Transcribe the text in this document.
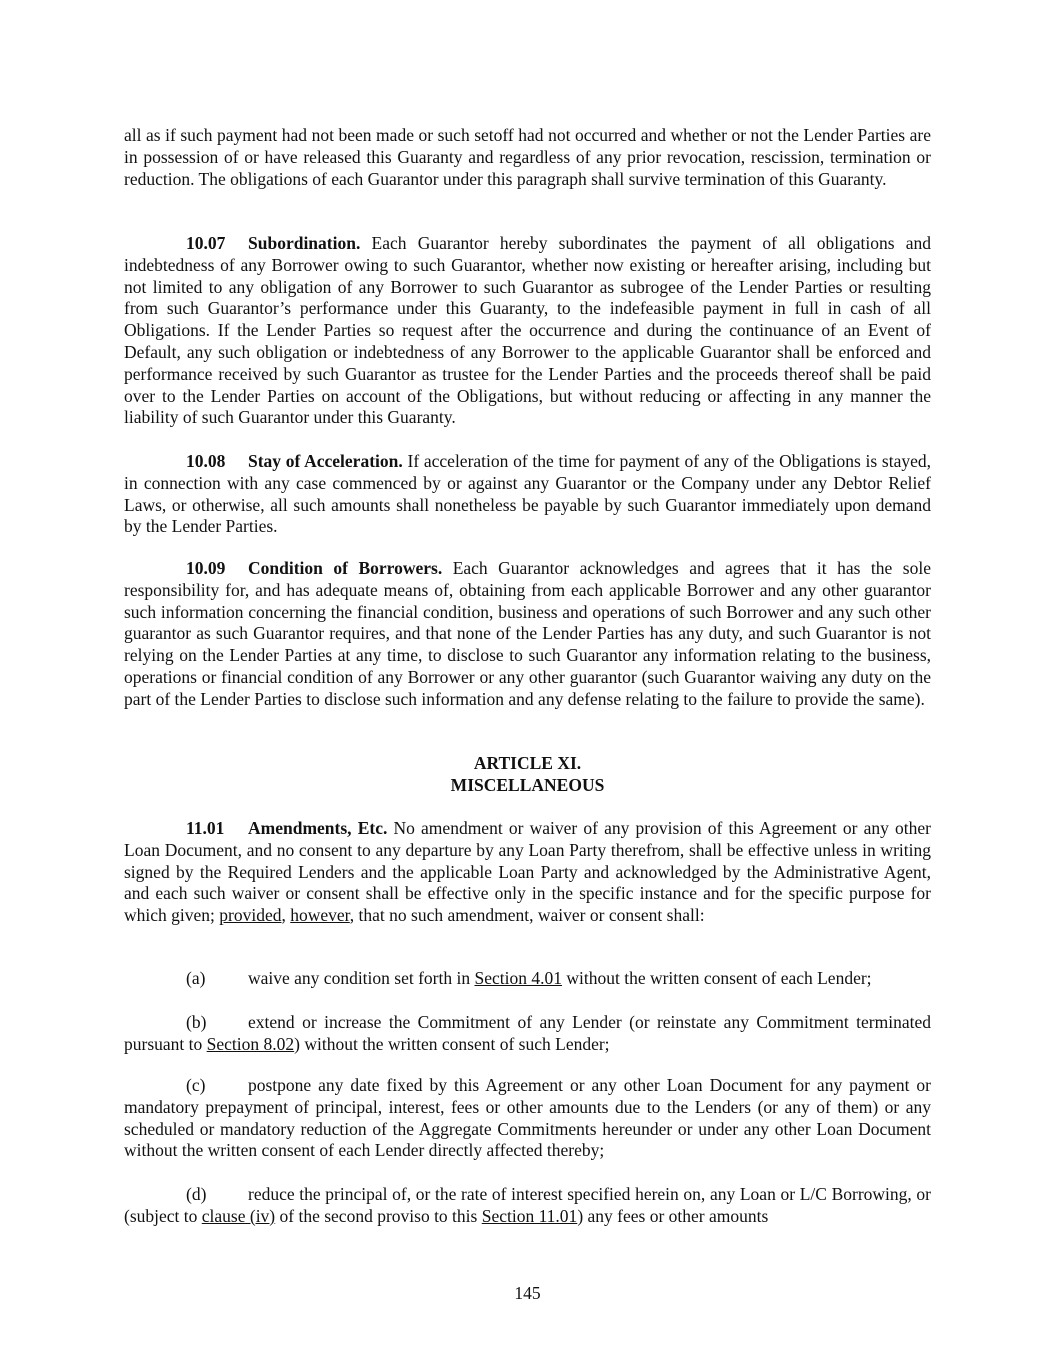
all as if such payment had not been made or such setoff had not occurred and whether or not the Lender Parties are in possession of or have released this Guaranty and regardless of any prior revocation, rescission, termination or reduction. The obligations of each Guarantor under this paragraph shall survive termination of this Guaranty.

10.07 Subordination. Each Guarantor hereby subordinates the payment of all obligations and indebtedness of any Borrower owing to such Guarantor, whether now existing or hereafter arising, including but not limited to any obligation of any Borrower to such Guarantor as subrogee of the Lender Parties or resulting from such Guarantor’s performance under this Guaranty, to the indefeasible payment in full in cash of all Obligations. If the Lender Parties so request after the occurrence and during the continuance of an Event of Default, any such obligation or indebtedness of any Borrower to the applicable Guarantor shall be enforced and performance received by such Guarantor as trustee for the Lender Parties and the proceeds thereof shall be paid over to the Lender Parties on account of the Obligations, but without reducing or affecting in any manner the liability of such Guarantor under this Guaranty.

10.08 Stay of Acceleration. If acceleration of the time for payment of any of the Obligations is stayed, in connection with any case commenced by or against any Guarantor or the Company under any Debtor Relief Laws, or otherwise, all such amounts shall nonetheless be payable by such Guarantor immediately upon demand by the Lender Parties.

10.09 Condition of Borrowers. Each Guarantor acknowledges and agrees that it has the sole responsibility for, and has adequate means of, obtaining from each applicable Borrower and any other guarantor such information concerning the financial condition, business and operations of such Borrower and any such other guarantor as such Guarantor requires, and that none of the Lender Parties has any duty, and such Guarantor is not relying on the Lender Parties at any time, to disclose to such Guarantor any information relating to the business, operations or financial condition of any Borrower or any other guarantor (such Guarantor waiving any duty on the part of the Lender Parties to disclose such information and any defense relating to the failure to provide the same).

ARTICLE XI.
MISCELLANEOUS

11.01 Amendments, Etc. No amendment or waiver of any provision of this Agreement or any other Loan Document, and no consent to any departure by any Loan Party therefrom, shall be effective unless in writing signed by the Required Lenders and the applicable Loan Party and acknowledged by the Administrative Agent, and each such waiver or consent shall be effective only in the specific instance and for the specific purpose for which given; provided, however, that no such amendment, waiver or consent shall:

(a) waive any condition set forth in Section 4.01 without the written consent of each Lender;

(b) extend or increase the Commitment of any Lender (or reinstate any Commitment terminated pursuant to Section 8.02) without the written consent of such Lender;

(c) postpone any date fixed by this Agreement or any other Loan Document for any payment or mandatory prepayment of principal, interest, fees or other amounts due to the Lenders (or any of them) or any scheduled or mandatory reduction of the Aggregate Commitments hereunder or under any other Loan Document without the written consent of each Lender directly affected thereby;

(d) reduce the principal of, or the rate of interest specified herein on, any Loan or L/C Borrowing, or (subject to clause (iv) of the second proviso to this Section 11.01) any fees or other amounts

145
